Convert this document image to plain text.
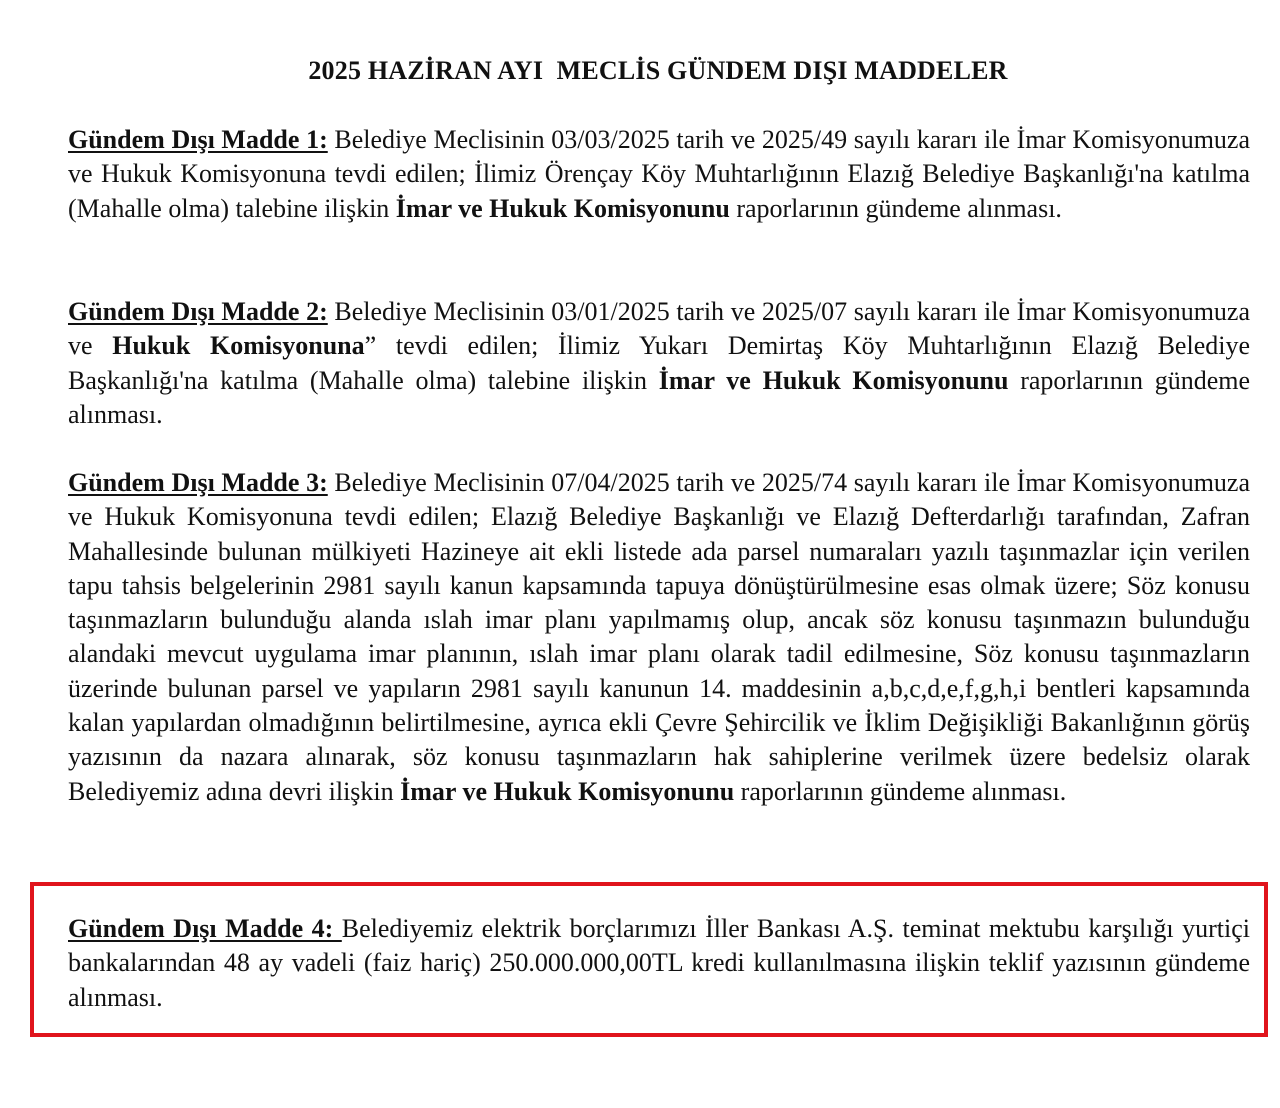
2025 HAZİRAN AYI  MECLİS GÜNDEM DIŞI MADDELER
Gündem Dışı Madde 1: Belediye Meclisinin 03/03/2025 tarih ve 2025/49 sayılı kararı ile İmar Komisyonumuza ve Hukuk Komisyonuna tevdi edilen; İlimiz Örençay Köy Muhtarlığının Elazığ Belediye Başkanlığı'na katılma (Mahalle olma) talebine ilişkin İmar ve Hukuk Komisyonunu raporlarının gündeme alınması.
Gündem Dışı Madde 2: Belediye Meclisinin 03/01/2025 tarih ve 2025/07 sayılı kararı ile İmar Komisyonumuza ve Hukuk Komisyonuna” tevdi edilen; İlimiz Yukarı Demirtaş Köy Muhtarlığının Elazığ Belediye Başkanlığı'na katılma (Mahalle olma) talebine ilişkin İmar ve Hukuk Komisyonunu raporlarının gündeme alınması.
Gündem Dışı Madde 3: Belediye Meclisinin 07/04/2025 tarih ve 2025/74 sayılı kararı ile İmar Komisyonumuza ve Hukuk Komisyonuna tevdi edilen; Elazığ Belediye Başkanlığı ve Elazığ Defterdarlığı tarafından, Zafran Mahallesinde bulunan mülkiyeti Hazineye ait ekli listede ada parsel numaraları yazılı taşınmazlar için verilen tapu tahsis belgelerinin 2981 sayılı kanun kapsamında tapuya dönüştürülmesine esas olmak üzere; Söz konusu taşınmazların bulunduğu alanda ıslah imar planı yapılmamış olup, ancak söz konusu taşınmazın bulunduğu alandaki mevcut uygulama imar planının, ıslah imar planı olarak tadil edilmesine, Söz konusu taşınmazların üzerinde bulunan parsel ve yapıların 2981 sayılı kanunun 14. maddesinin a,b,c,d,e,f,g,h,i bentleri kapsamında kalan yapılardan olmadığının belirtilmesine, ayrıca ekli Çevre Şehircilik ve İklim Değişikliği Bakanlığının görüş yazısının da nazara alınarak, söz konusu taşınmazların hak sahiplerine verilmek üzere bedelsiz olarak Belediyemiz adına devri ilişkin İmar ve Hukuk Komisyonunu raporlarının gündeme alınması.
Gündem Dışı Madde 4: Belediyemiz elektrik borçlarımızı İller Bankası A.Ş. teminat mektubu karşılığı yurtiçi bankalarından 48 ay vadeli (faiz hariç) 250.000.000,00TL kredi kullanılmasına ilişkin teklif yazısının gündeme alınması.
